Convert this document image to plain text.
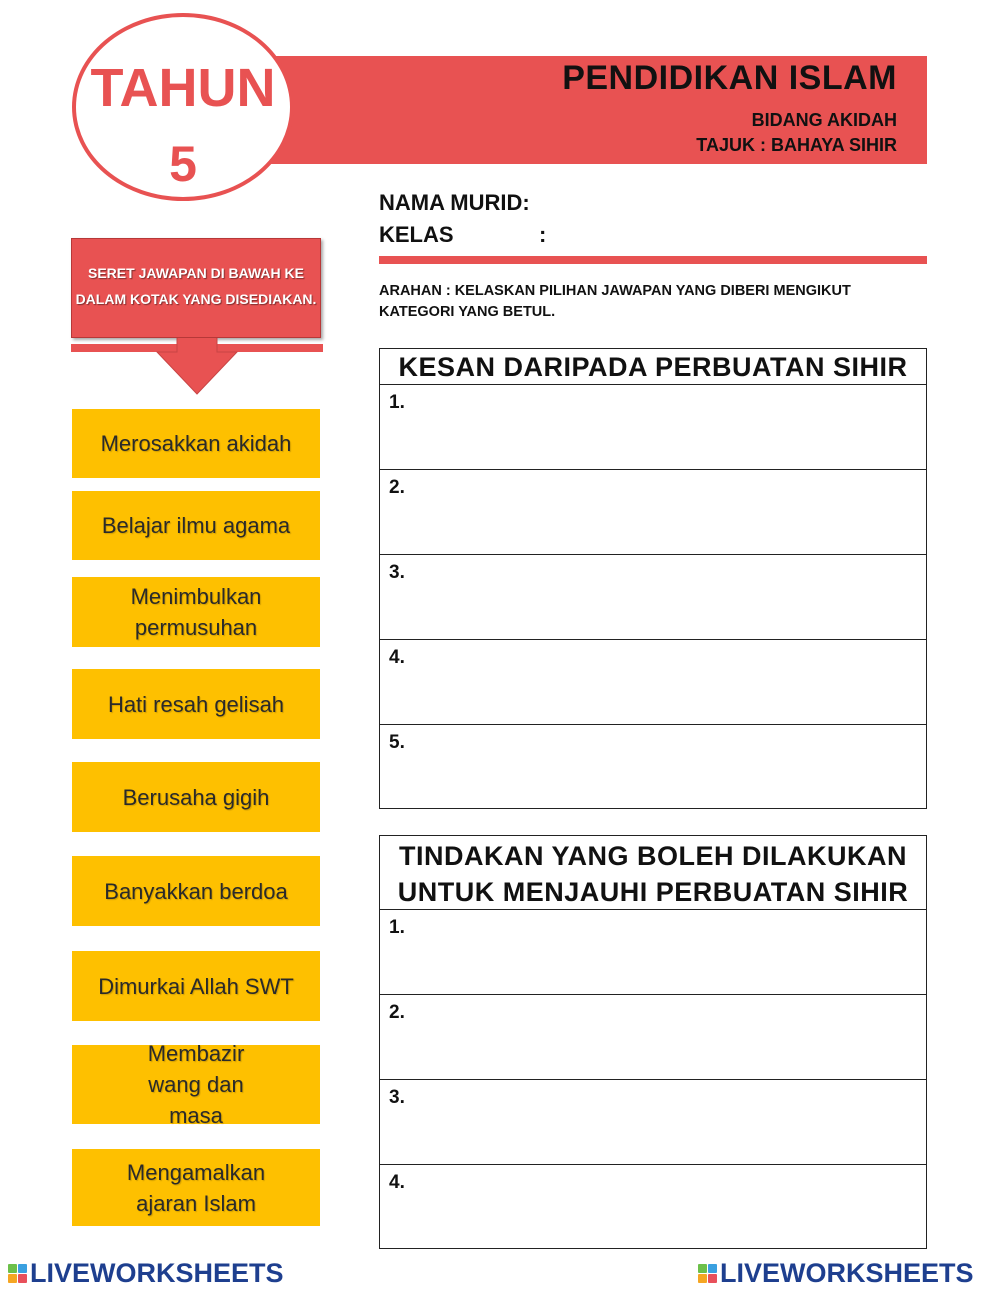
PENDIDIKAN ISLAM
BIDANG AKIDAH
TAJUK : BAHAYA SIHIR
TAHUN
5
NAMA MURID:
KELAS	:
ARAHAN : KELASKAN PILIHAN JAWAPAN YANG DIBERI MENGIKUT KATEGORI YANG BETUL.
SERET JAWAPAN DI BAWAH KE DALAM KOTAK YANG DISEDIAKAN.
Merosakkan akidah
Belajar ilmu agama
Menimbulkan permusuhan
Hati resah gelisah
Berusaha gigih
Banyakkan berdoa
Dimurkai Allah SWT
Membazir wang dan masa
Mengamalkan ajaran Islam
KESAN DARIPADA PERBUATAN SIHIR
1.
2.
3.
4.
5.
TINDAKAN YANG BOLEH DILAKUKAN
UNTUK MENJAUHI PERBUATAN SIHIR
1.
2.
3.
4.
LIVEWORKSHEETS	LIVEWORKSHEETS
